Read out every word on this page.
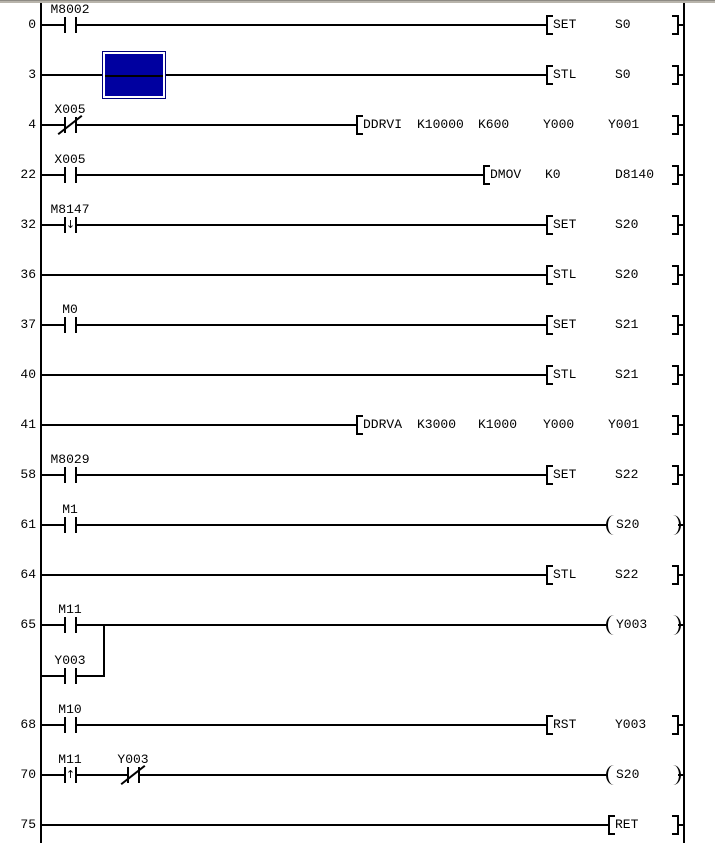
0
M8002
SET	S0
3	STL	S0
4
X005
DDRVI K10000 K600	Y000	Y001
22
X005
DMOV K0	D8140
32
M8147
↓	SET	S20
36	STL	S20
37
M0
SET	S21
40	STL	S21
41	DDRVA K3000 K1000 Y000	Y001
58
M8029
SET	S22
61
M1
S20
64	STL	S22
65
M11
Y003
Y003
68
M10
RST	Y003
70
M11
↑
Y003
S20
75	RET
